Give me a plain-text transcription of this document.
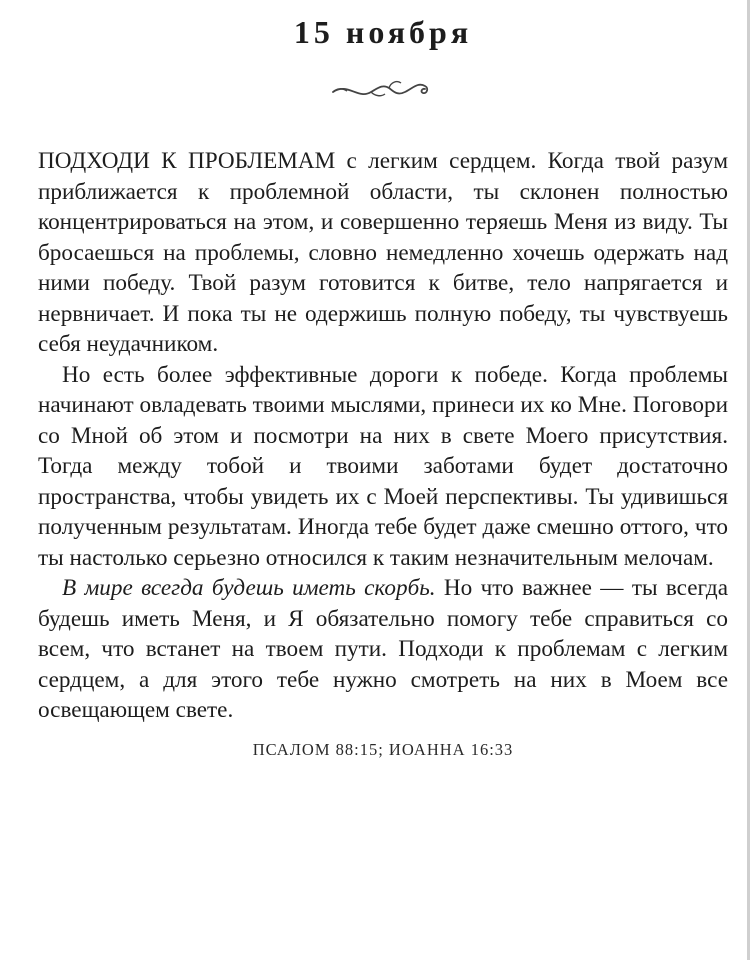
15 ноября

ПОДХОДИ К ПРОБЛЕМАМ с легким сердцем. Когда твой разум приближается к проблемной области, ты склонен полностью концентрироваться на этом, и совершенно теряешь Меня из виду. Ты бросаешься на проблемы, словно немедленно хочешь одержать над ними победу. Твой разум готовится к битве, тело напрягается и нервничает. И пока ты не одержишь полную победу, ты чувствуешь себя неудачником.

Но есть более эффективные дороги к победе. Когда проблемы начинают овладевать твоими мыслями, принеси их ко Мне. Поговори со Мной об этом и посмотри на них в свете Моего присутствия. Тогда между тобой и твоими заботами будет достаточно пространства, чтобы увидеть их с Моей перспективы. Ты удивишься полученным результатам. Иногда тебе будет даже смешно оттого, что ты настолько серьезно относился к таким незначительным мелочам.

В мире всегда будешь иметь скорбь. Но что важнее — ты всегда будешь иметь Меня, и Я обязательно помогу тебе справиться со всем, что встанет на твоем пути. Подходи к проблемам с легким сердцем, а для этого тебе нужно смотреть на них в Моем все освещающем свете.

ПСАЛОМ 88:15; ИОАННА 16:33
